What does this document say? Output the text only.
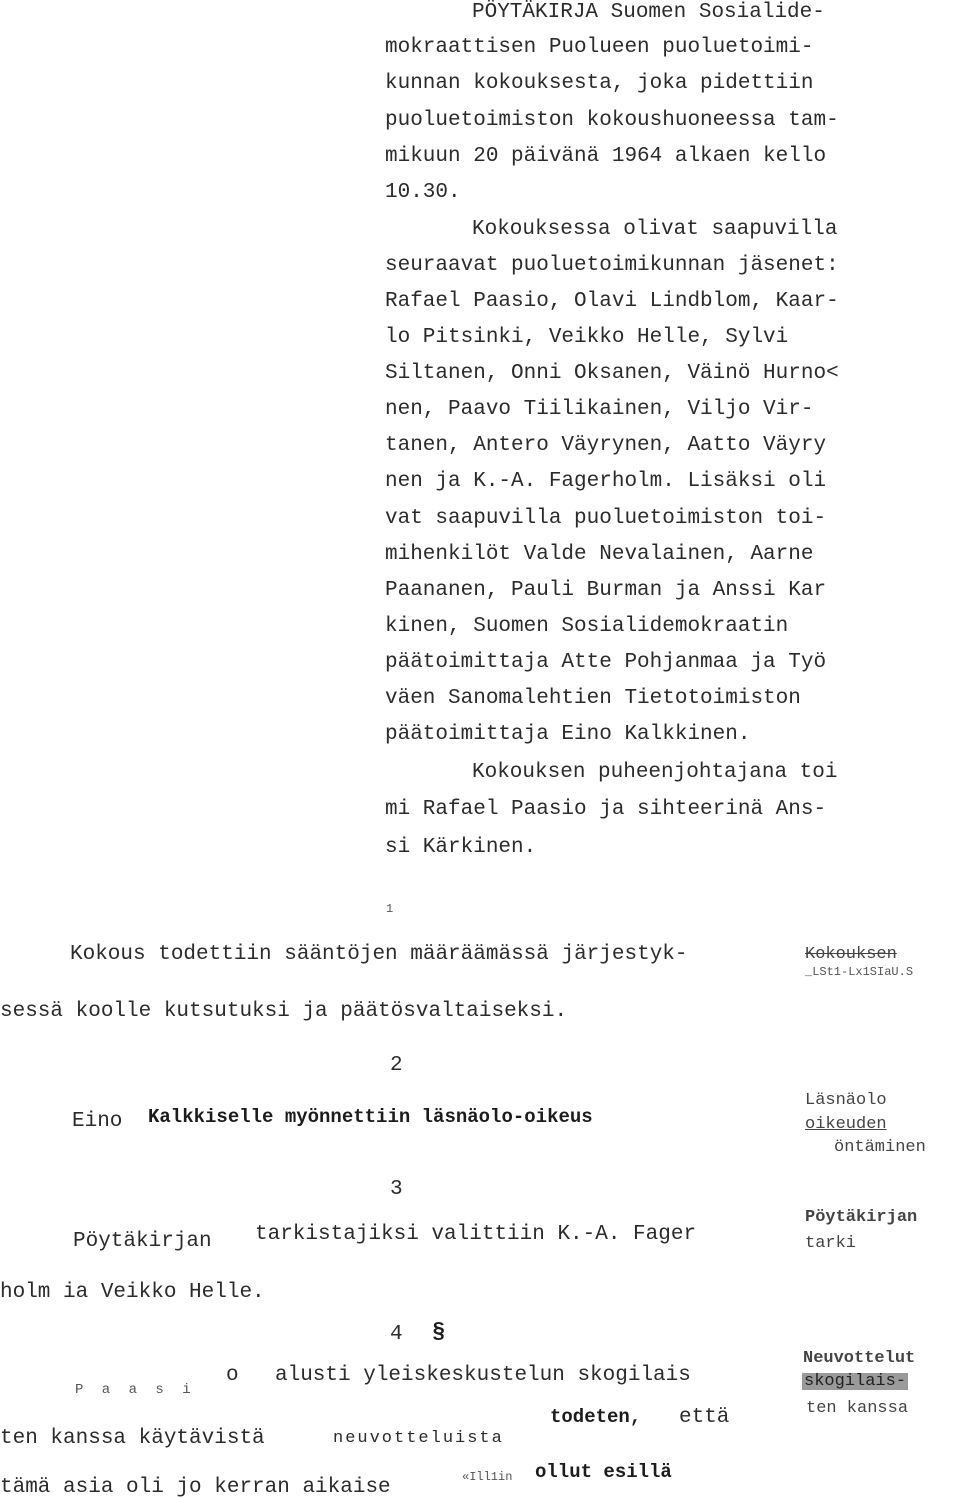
PÖYTÄKIRJA Suomen Sosialide-
mokraattisen Puolueen puoluetoimi-
kunnan kokouksesta, joka pidettiin
puoluetoimiston kokoushuoneessa tam-
mikuun 20 päivänä 1964 alkaen kello
10.30.
Kokouksessa olivat saapuvilla
seuraavat puoluetoimikunnan jäsenet:
Rafael Paasio, Olavi Lindblom, Kaar-
lo Pitsinki, Veikko Helle, Sylvi
Siltanen, Onni Oksanen, Väinö Hurno<
nen, Paavo Tiilikainen, Viljo Vir-
tanen, Antero Väyrynen, Aatto Väyry
nen ja K.-A. Fagerholm. Lisäksi oli
vat saapuvilla puoluetoimiston toi-
mihenkilöt Valde Nevalainen, Aarne
Paananen, Pauli Burman ja Anssi Kar
kinen, Suomen Sosialidemokraatin
päätoimittaja Atte Pohjanmaa ja Työ
väen Sanomalehtien Tietotoimiston
päätoimittaja Eino Kalkkinen.
Kokouksen puheenjohtajana toi
mi Rafael Paasio ja sihteerinä Ans-
si Kärkinen.
1
Kokous todettiin sääntöjen määräämässä järjestyk-	Kokouksen
_LSt1-Lx1SIaU.S
sessä koolle kutsutuksi ja päätösvaltaiseksi.
2
Läsnäolo
Eino Kalkkiselle myönnettiin läsnäolo-oikeus	oikeuden
öntäminen
3
Pöytäkirjan
tarkistajiksi valittiin K.-A. Fager
Pöytäkirjan	tarki
holm ia Veikko Helle.
4 §
Neuvottelut
o alusti yleiskeskustelun skogilais	skogilais-
P a a s i
ten kanssa
todeten, että
ten kanssa käytävistä	neuvotteluista
ollut esillä
«Ill1in
tämä asia oli jo kerran aikaise
